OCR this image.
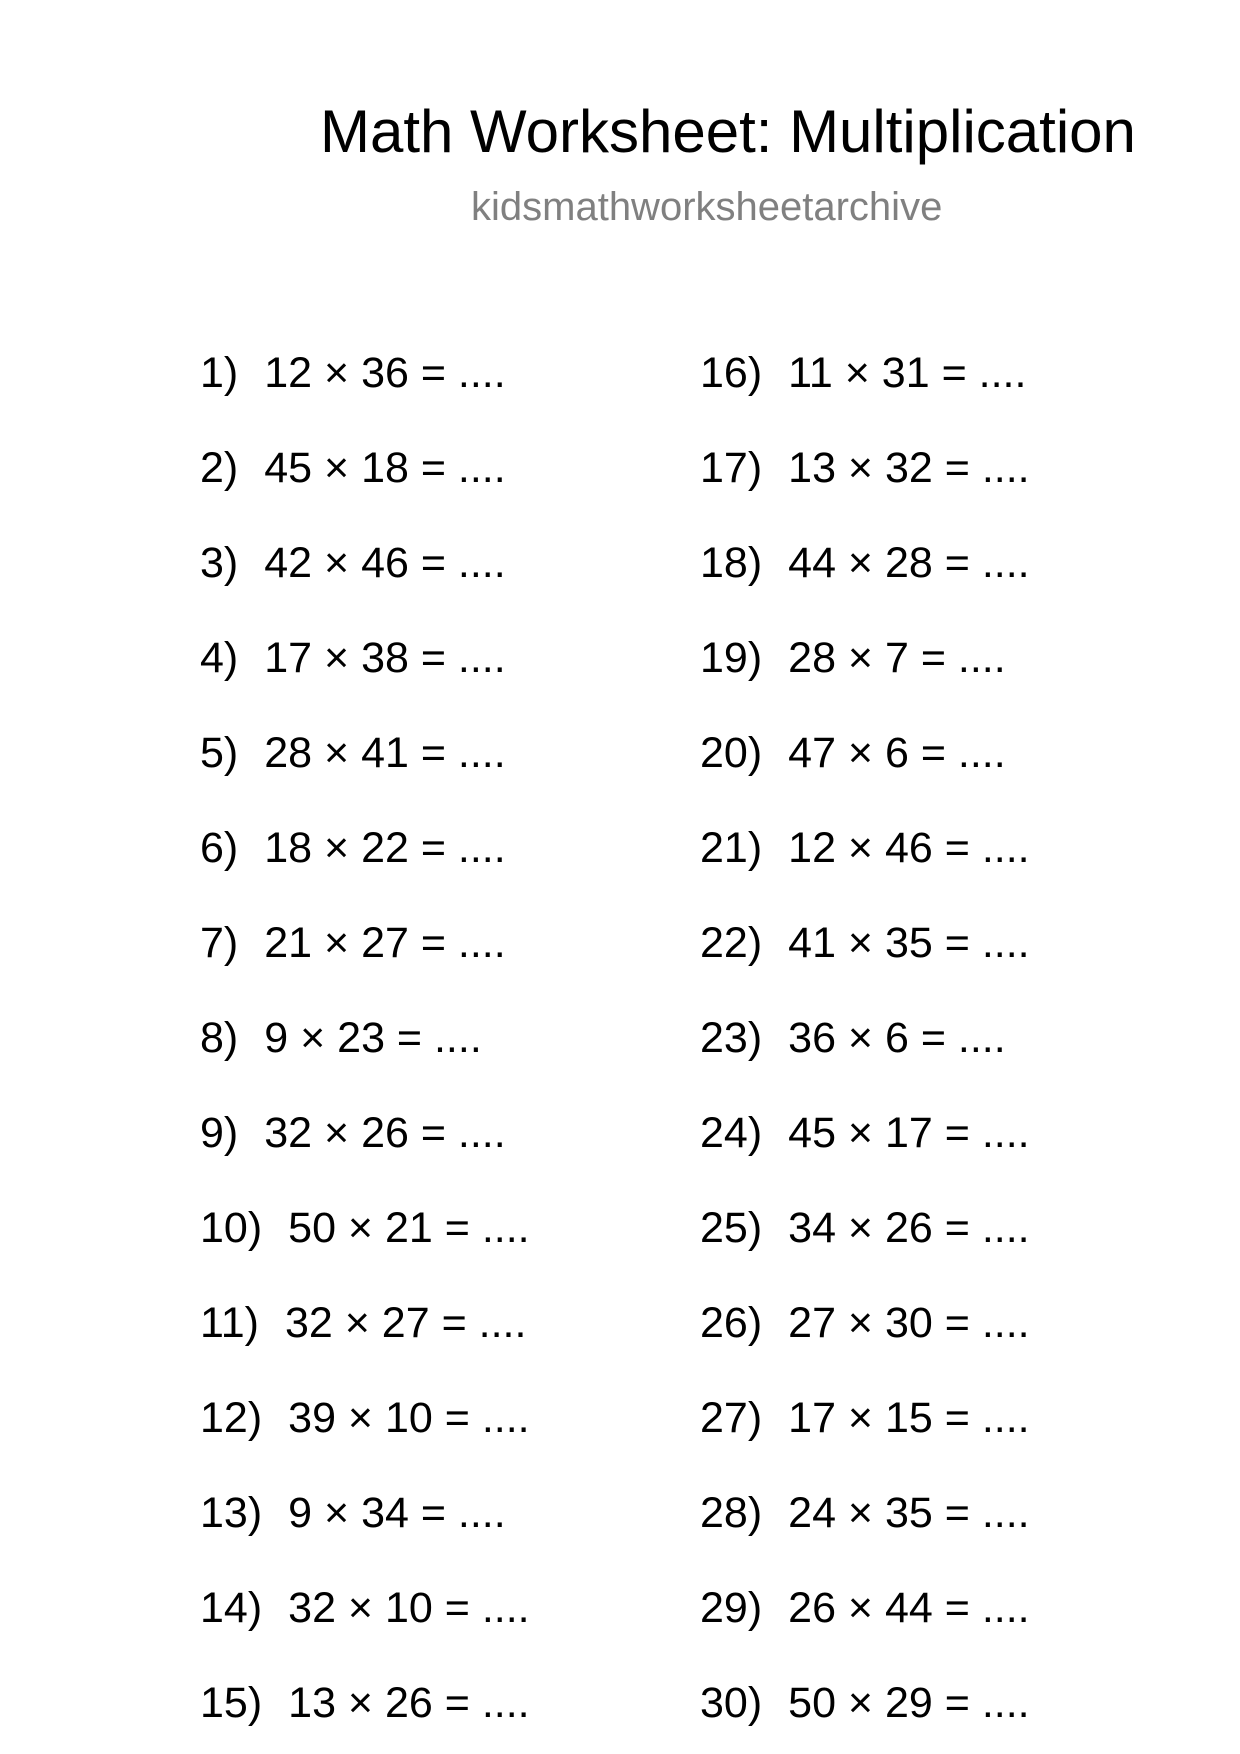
Math Worksheet: Multiplication
kidsmathworksheetarchive
1) 12 × 36 = ....
2) 45 × 18 = ....
3) 42 × 46 = ....
4) 17 × 38 = ....
5) 28 × 41 = ....
6) 18 × 22 = ....
7) 21 × 27 = ....
8) 9 × 23 = ....
9) 32 × 26 = ....
10) 50 × 21 = ....
11) 32 × 27 = ....
12) 39 × 10 = ....
13) 9 × 34 = ....
14) 32 × 10 = ....
15) 13 × 26 = ....
16) 11 × 31 = ....
17) 13 × 32 = ....
18) 44 × 28 = ....
19) 28 × 7 = ....
20) 47 × 6 = ....
21) 12 × 46 = ....
22) 41 × 35 = ....
23) 36 × 6 = ....
24) 45 × 17 = ....
25) 34 × 26 = ....
26) 27 × 30 = ....
27) 17 × 15 = ....
28) 24 × 35 = ....
29) 26 × 44 = ....
30) 50 × 29 = ....
